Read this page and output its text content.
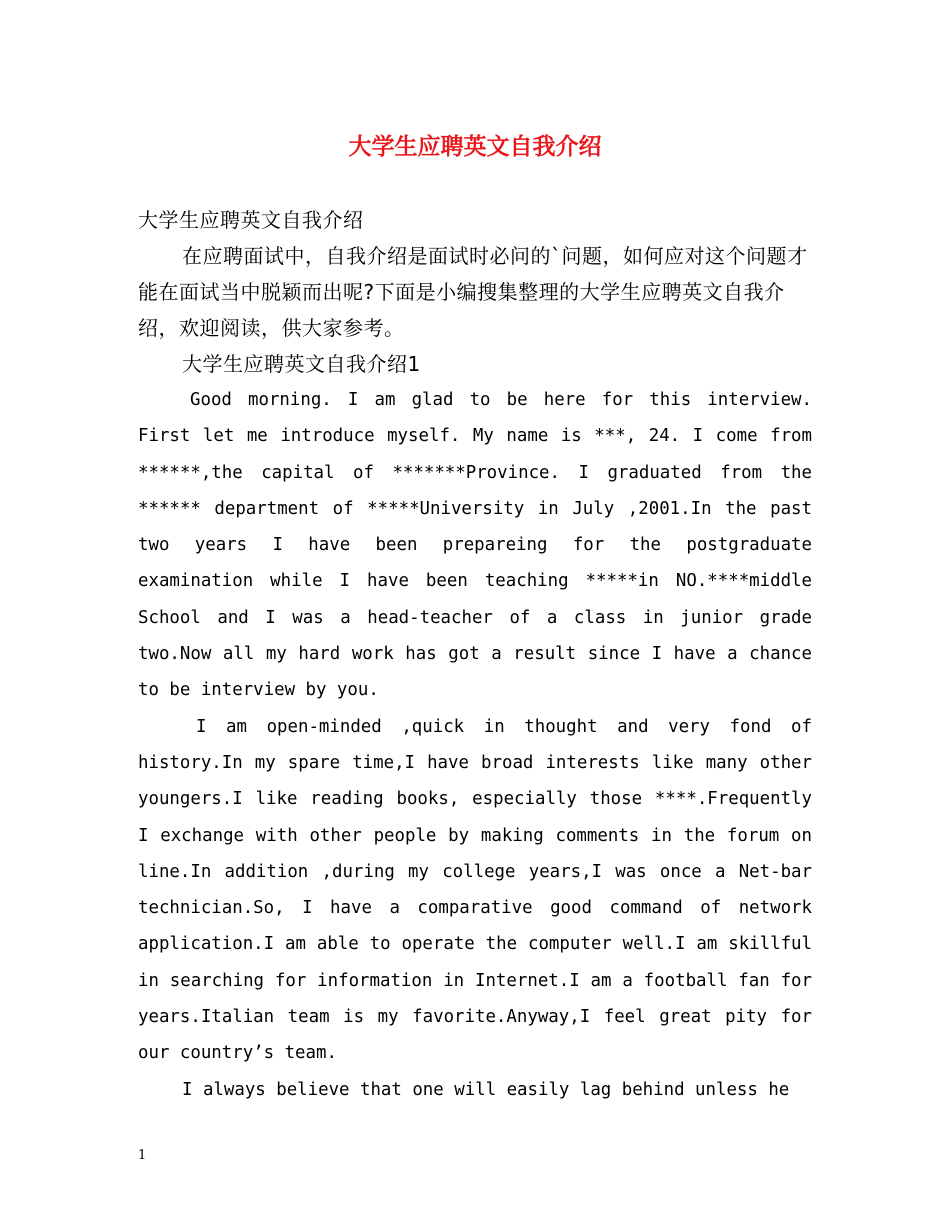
大学生应聘英文自我介绍

大学生应聘英文自我介绍

在应聘面试中，自我介绍是面试时必问的`问题，如何应对这个问题才能在面试当中脱颖而出呢?下面是小编搜集整理的大学生应聘英文自我介绍，欢迎阅读，供大家参考。

大学生应聘英文自我介绍1

Good morning. I am glad to be here for this interview. First let me introduce myself. My name is ***, 24. I come from ******,the capital of *******Province. I graduated from the ****** department of *****University in July ,2001.In the past two years I have been prepareing for the postgraduate examination while I have been teaching *****in NO.****middle School and I was a head-teacher of a class in junior grade two.Now all my hard work has got a result since I have a chance to be interview by you.

I am open-minded ,quick in thought and very fond of history.In my spare time,I have broad interests like many other youngers.I like reading books, especially those ****.Frequently I exchange with other people by making comments in the forum on line.In addition ,during my college years,I was once a Net-bar technician.So, I have a comparative good command of network application.I am able to operate the computer well.I am skillful in searching for information in Internet.I am a football fan for years.Italian team is my favorite.Anyway,I feel great pity for our country’s team.

I always believe that one will easily lag behind unless he

1
